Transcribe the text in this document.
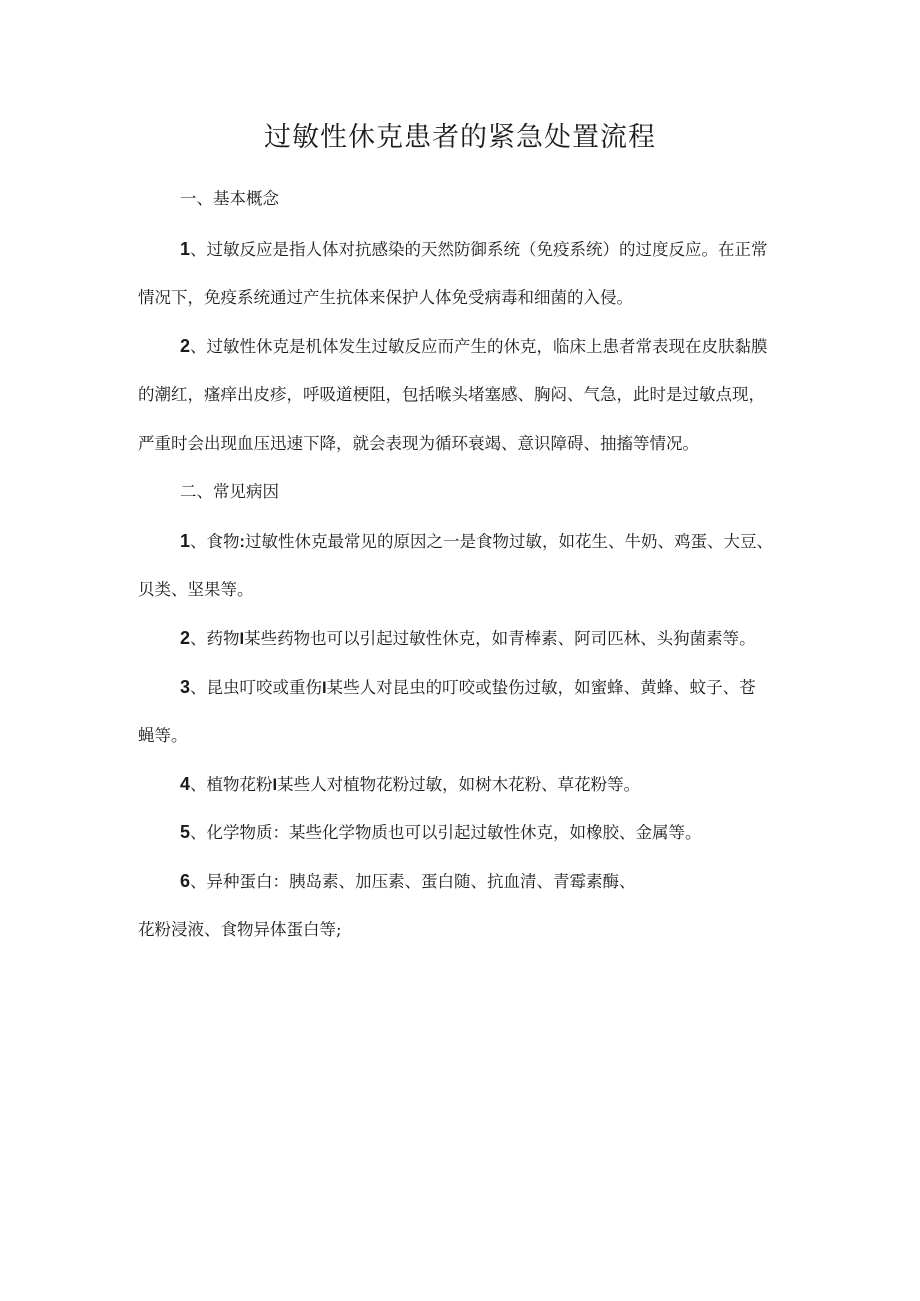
过敏性休克患者的紧急处置流程
一、基本概念
1、过敏反应是指人体对抗感染的天然防御系统（免疫系统）的过度反应。在正常
情况下，免疫系统通过产生抗体来保护人体免受病毒和细菌的入侵。
2、过敏性休克是机体发生过敏反应而产生的休克，临床上患者常表现在皮肤黏膜
的潮红，瘙痒出皮疹，呼吸道梗阻，包括喉头堵塞感、胸闷、气急，此时是过敏点现，
严重时会出现血压迅速下降，就会表现为循环衰竭、意识障碍、抽搐等情况。
二、常见病因
1、食物:过敏性休克最常见的原因之一是食物过敏，如花生、牛奶、鸡蛋、大豆、
贝类、坚果等。
2、药物I某些药物也可以引起过敏性休克，如青棒素、阿司匹林、头狗菌素等。
3、昆虫叮咬或重伤I某些人对昆虫的叮咬或蛰伤过敏，如蜜蜂、黄蜂、蚊子、苍
蝇等。
4、植物花粉I某些人对植物花粉过敏，如树木花粉、草花粉等。
5、化学物质：某些化学物质也可以引起过敏性休克，如橡胶、金属等。
6、异种蛋白：胰岛素、加压素、蛋白随、抗血清、青霉素酶、
花粉浸液、食物异体蛋白等;
